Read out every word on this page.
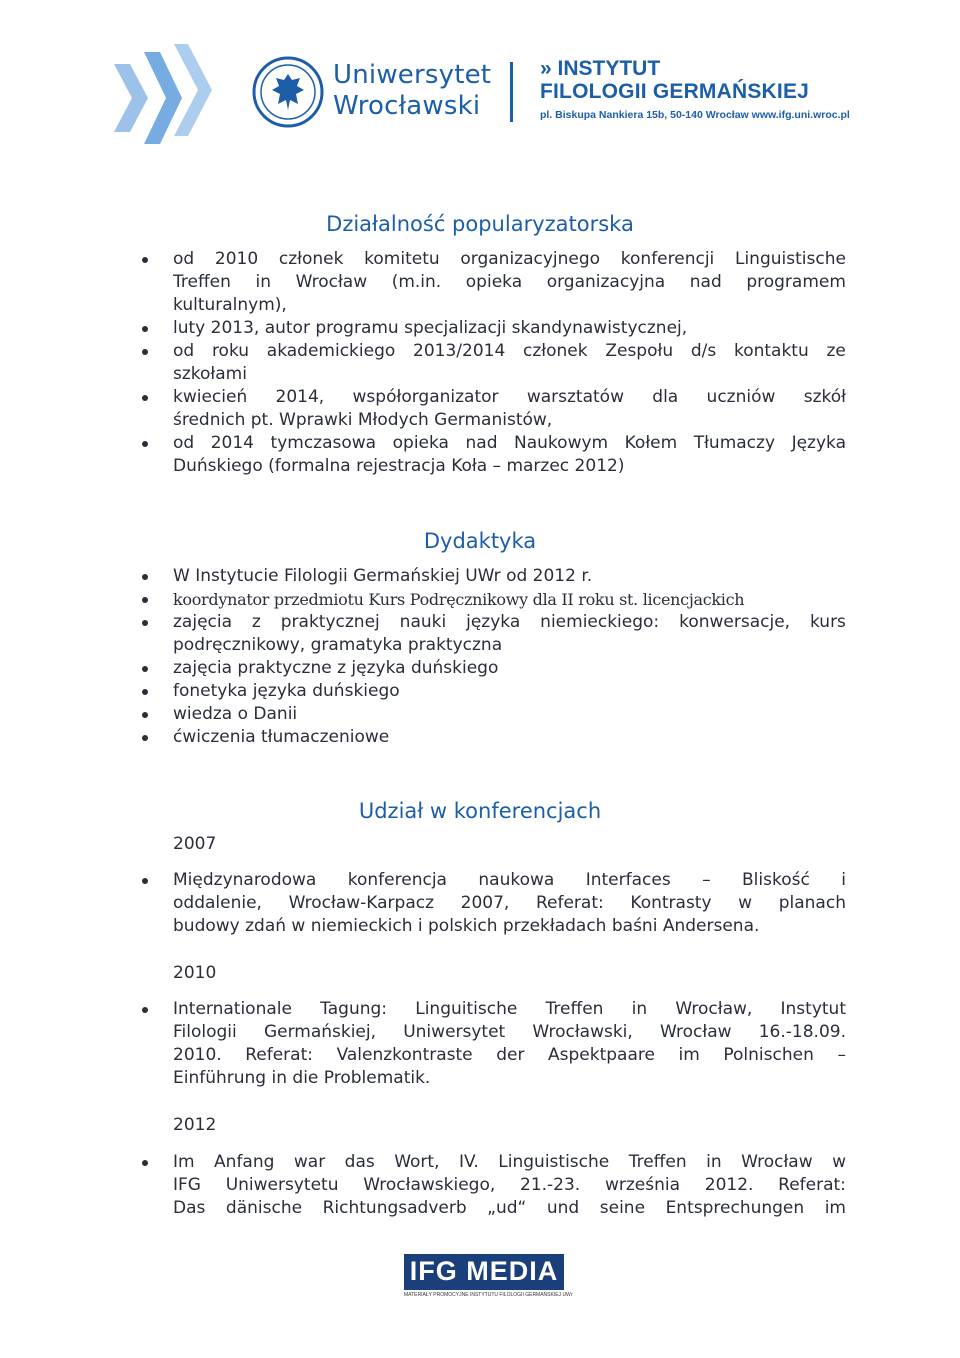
Uniwersytet
Wrocławski
» INSTYTUT
FILOLOGII GERMAŃSKIEJ
pl. Biskupa Nankiera 15b, 50-140 Wrocław www.ifg.uni.wroc.pl
Działalność popularyzatorska
od 2010 członek komitetu organizacyjnego konferencji Linguistische
Treffen in Wrocław (m.in. opieka organizacyjna nad programem
kulturalnym),
luty 2013, autor programu specjalizacji skandynawistycznej,
od roku akademickiego 2013/2014 członek Zespołu d/s kontaktu ze
szkołami
kwiecień 2014, współorganizator warsztatów dla uczniów szkół
średnich pt. Wprawki Młodych Germanistów,
od 2014 tymczasowa opieka nad Naukowym Kołem Tłumaczy Języka
Duńskiego (formalna rejestracja Koła – marzec 2012)
Dydaktyka
W Instytucie Filologii Germańskiej UWr od 2012 r.
koordynator przedmiotu Kurs Podręcznikowy dla II roku st. licencjackich
zajęcia z praktycznej nauki języka niemieckiego: konwersacje, kurs
podręcznikowy, gramatyka praktyczna
zajęcia praktyczne z języka duńskiego
fonetyka języka duńskiego
wiedza o Danii
ćwiczenia tłumaczeniowe
Udział w konferencjach
2007
Międzynarodowa konferencja naukowa Interfaces – Bliskość i
oddalenie, Wrocław-Karpacz 2007, Referat: Kontrasty w planach
budowy zdań w niemieckich i polskich przekładach baśni Andersena.
2010
Internationale Tagung: Linguitische Treffen in Wrocław, Instytut
Filologii Germańskiej, Uniwersytet Wrocławski, Wrocław 16.-18.09.
2010. Referat: Valenzkontraste der Aspektpaare im Polnischen –
Einführung in die Problematik.
2012
Im Anfang war das Wort, IV. Linguistische Treffen in Wrocław w
IFG Uniwersytetu Wrocławskiego, 21.-23. września 2012. Referat:
Das dänische Richtungsadverb „ud“ und seine Entsprechungen im
IFG MEDIA
MATERIAŁY PROMOCYJNE INSTYTUTU FILOLOGII GERMAŃSKIEJ UWr
